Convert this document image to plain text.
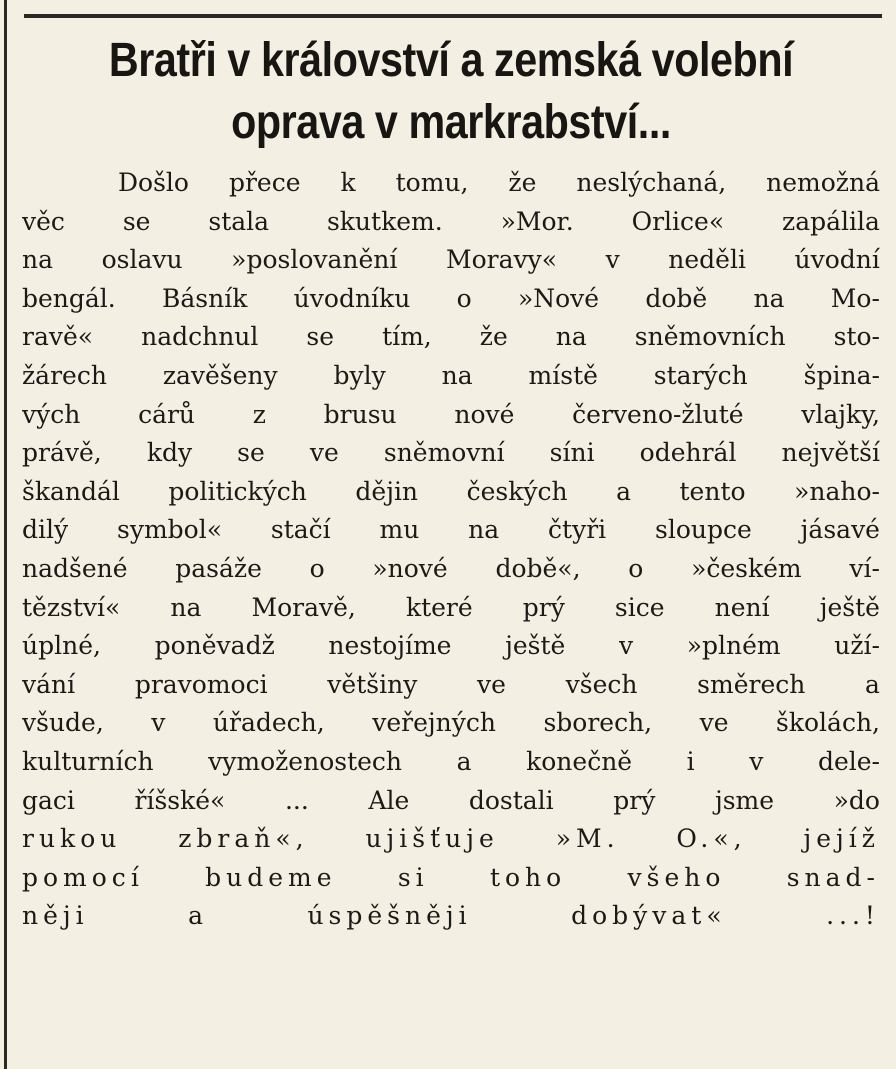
Bratři v království a zemská volební
oprava v markrabství...
Došlo přece k tomu, že neslýchaná, nemožná
věc se stala skutkem. »Mor. Orlice« zapálila
na oslavu »poslovanění Moravy« v neděli úvodní
bengál. Básník úvodníku o »Nové době na Mo-
ravě« nadchnul se tím, že na sněmovních sto-
žárech zavěšeny byly na místě starých špina-
vých cárů z brusu nové červeno-žluté vlajky,
právě, kdy se ve sněmovní síni odehrál největší
škandál politických dějin českých a tento »naho-
dilý symbol« stačí mu na čtyři sloupce jásavé
nadšené pasáže o »nové době«, o »českém ví-
tězství« na Moravě, které prý sice není ještě
úplné, poněvadž nestojíme ještě v »plném uží-
vání pravomoci většiny ve všech směrech a
všude, v úřadech, veřejných sborech, ve školách,
kulturních vymoženostech a konečně i v dele-
gaci říšské« ... Ale dostali prý jsme »do
rukou zbraň«, ujišťuje »M. O.«, jejíž
pomocí budeme si toho všeho snad-
něji	a	úspěšněji	dobývat«	...!
